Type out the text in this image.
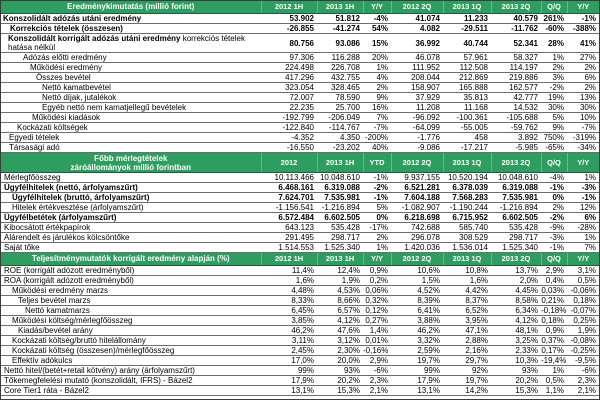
Eredménykimutatás (millió forint)	2012 1H	2013 1H	Y/Y	2012 2Q	2013 1Q	2013 2Q	Q/Q	Y/Y
Konszolidált adózás utáni eredmény	53.902	51.812	-4%	41.074	11.233	40.579	261%	-1%
Korrekciós tételek (összesen)	-26.855	-41.274	54%	4.082	-29.511	-11.762	-60%	-388%
Konszolidált korrigált adózás utáni eredmény korrekciós tételek hatása nélkül	80.756	93.086	15%	36.992	40.744	52.341	28%	41%
Adózás előtti eredmény	97.306	116.288	20%	46.078	57.961	58.327	1%	27%
Működési eredmény	224.498	226.708	1%	111.952	112.508	114.197	2%	2%
Összes bevétel	417.296	432.755	4%	208.044	212.869	219.886	3%	6%
Nettó kamatbevétel	323.054	328.465	2%	158.907	165.888	162.577	-2%	2%
Nettó díjak, jutalékok	72.007	78.590	9%	37.929	35.813	42.777	19%	13%
Egyéb nettó nem kamatjellegű bevételek	22.235	25.700	16%	11.208	11.168	14.532	30%	30%
Működési kiadások	-192.799	-206.049	7%	-96.092	-100.361	-105.688	5%	10%
Kockázati költségek	-122.840	-114.767	-7%	-64.099	-55.005	-59.762	9%	-7%
Egyedi tételek	-4.352	4.350	-200%	-1.776	458	3.892	750%	-319%
Társasági adó	-16.550	-23.202	40%	-9.086	-17.217	-5.985	-65%	-34%
Főbb mérlegtételek
záróállományok millió forintban	2012	2013 1H	YTD	2012 2Q	2013 1Q	2013 2Q	Q/Q	Y/Y
Mérlegfőösszeg	10.113.466	10.048.610	-1%	9.937.155	10.520.194	10.048.610	-4%	1%
Ügyfélhitelek (nettó, árfolyamszűrt)	6.468.161	6.319.088	-2%	6.521.281	6.378.039	6.319.088	-1%	-3%
Ügyfélhitelek (bruttó, árfolyamszűrt)	7.624.701	7.535.981	-1%	7.604.188	7.568.283	7.535.981	0%	-1%
Hitelek értékvesztése (árfolyamszűrt)	-1.156.541	-1.216.894	5%	-1.082.907	-1.190.244	-1.216.894	2%	12%
Ügyfélbetétek (árfolyamszűrt)	6.572.484	6.602.505	0%	6.218.698	6.715.952	6.602.505	-2%	6%
Kibocsátott értékpapírok	643.123	535.428	-17%	742.688	585.740	535.428	-9%	-28%
Alárendelt és járulékos kölcsöntőke	291.495	298.717	2%	296.078	308.529	298.717	-3%	1%
Saját tőke	1.514.553	1.525.340	1%	1.420.036	1.536.014	1.525.340	-1%	7%
Teljesítménymutatók korrigált eredmény alapján (%)	2012 1H	2013 1H	Y/Y	2012 2Q	2013 1Q	2013 2Q	Q/Q	Y/Y
ROE (korrigált adózott eredményből)	11,4%	12,4%	0,9%	10,6%	10,8%	13,7%	2,9%	3,1%
ROA (korrigált adózott eredményből)	1,6%	1,9%	0,2%	1,5%	1,6%	2,0%	0,4%	0,5%
Működési eredmény marzs	4,48%	4,53%	0,06%	4,52%	4,42%	4,45%	0,03%	-0,06%
Teljes bevétel marzs	8,33%	8,66%	0,32%	8,39%	8,37%	8,58%	0,21%	0,18%
Nettó kamatmarzs	6,45%	6,57%	0,12%	6,41%	6,52%	6,34%	-0,18%	-0,07%
Működési költség/mérlegfőösszeg	3,85%	4,12%	0,27%	3,88%	3,95%	4,12%	0,18%	0,25%
Kiadás/bevétel arány	46,2%	47,6%	1,4%	46,2%	47,1%	48,1%	0,9%	1,9%
Kockázati költség/bruttó hitelállomány	3,11%	3,12%	0,01%	3,32%	2,88%	3,25%	0,37%	-0,08%
Kockázati költség (összesen)/mérlegfőösszeg	2,45%	2,30%	-0,16%	2,59%	2,16%	2,33%	0,17%	-0,25%
Effektív adókulcs	17,0%	20,0%	2,9%	19,7%	29,7%	10,3%	-19,4%	-9,5%
Nettó hitel/(betét+retail kötvény) arány (árfolyamszűrt)	99%	93%	-6%	99%	92%	93%	1%	-6%
Tőkemegfelelési mutató (konszolidált, IFRS) - Bázel2	17,9%	20,2%	2,3%	17,9%	19,7%	20,2%	0,5%	2,3%
Core Tier1 ráta - Bázel2	13,1%	15,3%	2,1%	13,1%	14,2%	15,3%	1,1%	2,1%
